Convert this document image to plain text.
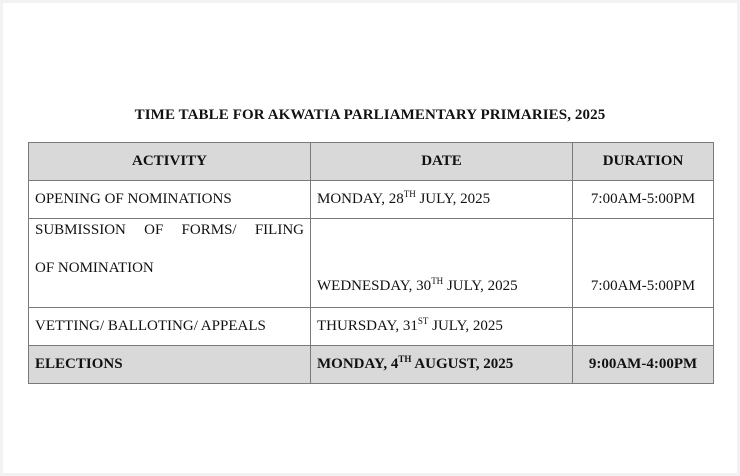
TIME TABLE FOR AKWATIA PARLIAMENTARY PRIMARIES, 2025
ACTIVITY	DATE	DURATION
OPENING OF NOMINATIONS	MONDAY, 28TH JULY, 2025	7:00AM-5:00PM

SUBMISSION OF FORMS/ FILING
OF NOMINATION	WEDNESDAY, 30TH JULY, 2025	7:00AM-5:00PM
VETTING/ BALLOTING/ APPEALS	THURSDAY, 31ST JULY, 2025	
ELECTIONS	MONDAY, 4TH AUGUST, 2025	9:00AM-4:00PM
